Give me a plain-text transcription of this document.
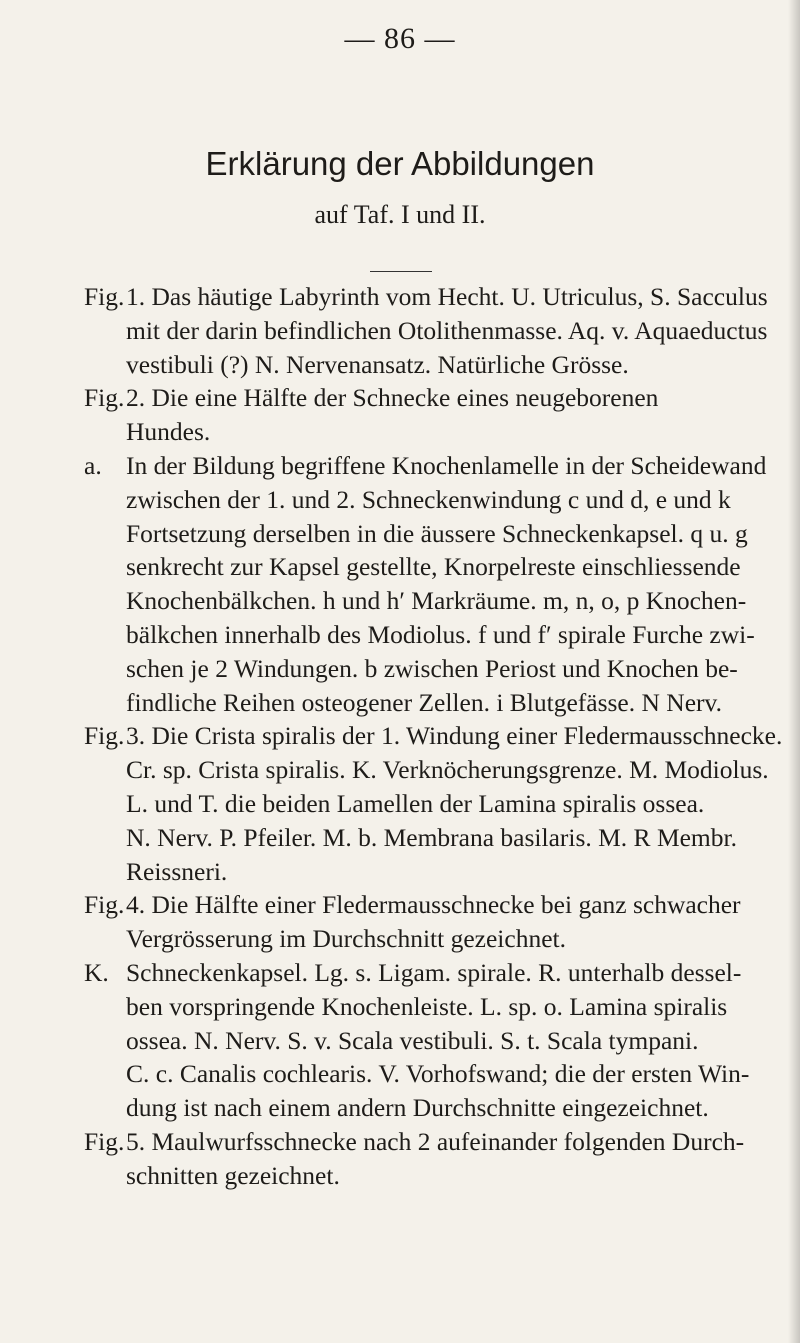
— 86 —
Erklärung der Abbildungen
auf Taf. I und II.
Fig. 1. Das häutige Labyrinth vom Hecht. U. Utriculus, S. Sacculus
mit der darin befindlichen Otolithenmasse. Aq. v. Aquaeductus
vestibuli (?) N. Nervenansatz. Natürliche Grösse.
Fig. 2. Die eine Hälfte der Schnecke eines neugeborenen
Hundes.
a. In der Bildung begriffene Knochenlamelle in der Scheidewand
zwischen der 1. und 2. Schneckenwindung c und d, e und k
Fortsetzung derselben in die äussere Schneckenkapsel. q u. g
senkrecht zur Kapsel gestellte, Knorpelreste einschliessende
Knochenbälkchen. h und h′ Markräume. m, n, o, p Knochen-
bälkchen innerhalb des Modiolus. f und f′ spirale Furche zwi-
schen je 2 Windungen. b zwischen Periost und Knochen be-
findliche Reihen osteogener Zellen. i Blutgefässe. N Nerv.
Fig. 3. Die Crista spiralis der 1. Windung einer Fledermausschnecke.
Cr. sp. Crista spiralis. K. Verknöcherungsgrenze. M. Modiolus.
L. und T. die beiden Lamellen der Lamina spiralis ossea.
N. Nerv. P. Pfeiler. M. b. Membrana basilaris. M. R Membr.
Reissneri.
Fig. 4. Die Hälfte einer Fledermausschnecke bei ganz schwacher
Vergrösserung im Durchschnitt gezeichnet.
K. Schneckenkapsel. Lg. s. Ligam. spirale. R. unterhalb dessel-
ben vorspringende Knochenleiste. L. sp. o. Lamina spiralis
ossea. N. Nerv. S. v. Scala vestibuli. S. t. Scala tympani.
C. c. Canalis cochlearis. V. Vorhofswand; die der ersten Win-
dung ist nach einem andern Durchschnitte eingezeichnet.
Fig. 5. Maulwurfsschnecke nach 2 aufeinander folgenden Durch-
schnitten gezeichnet.
